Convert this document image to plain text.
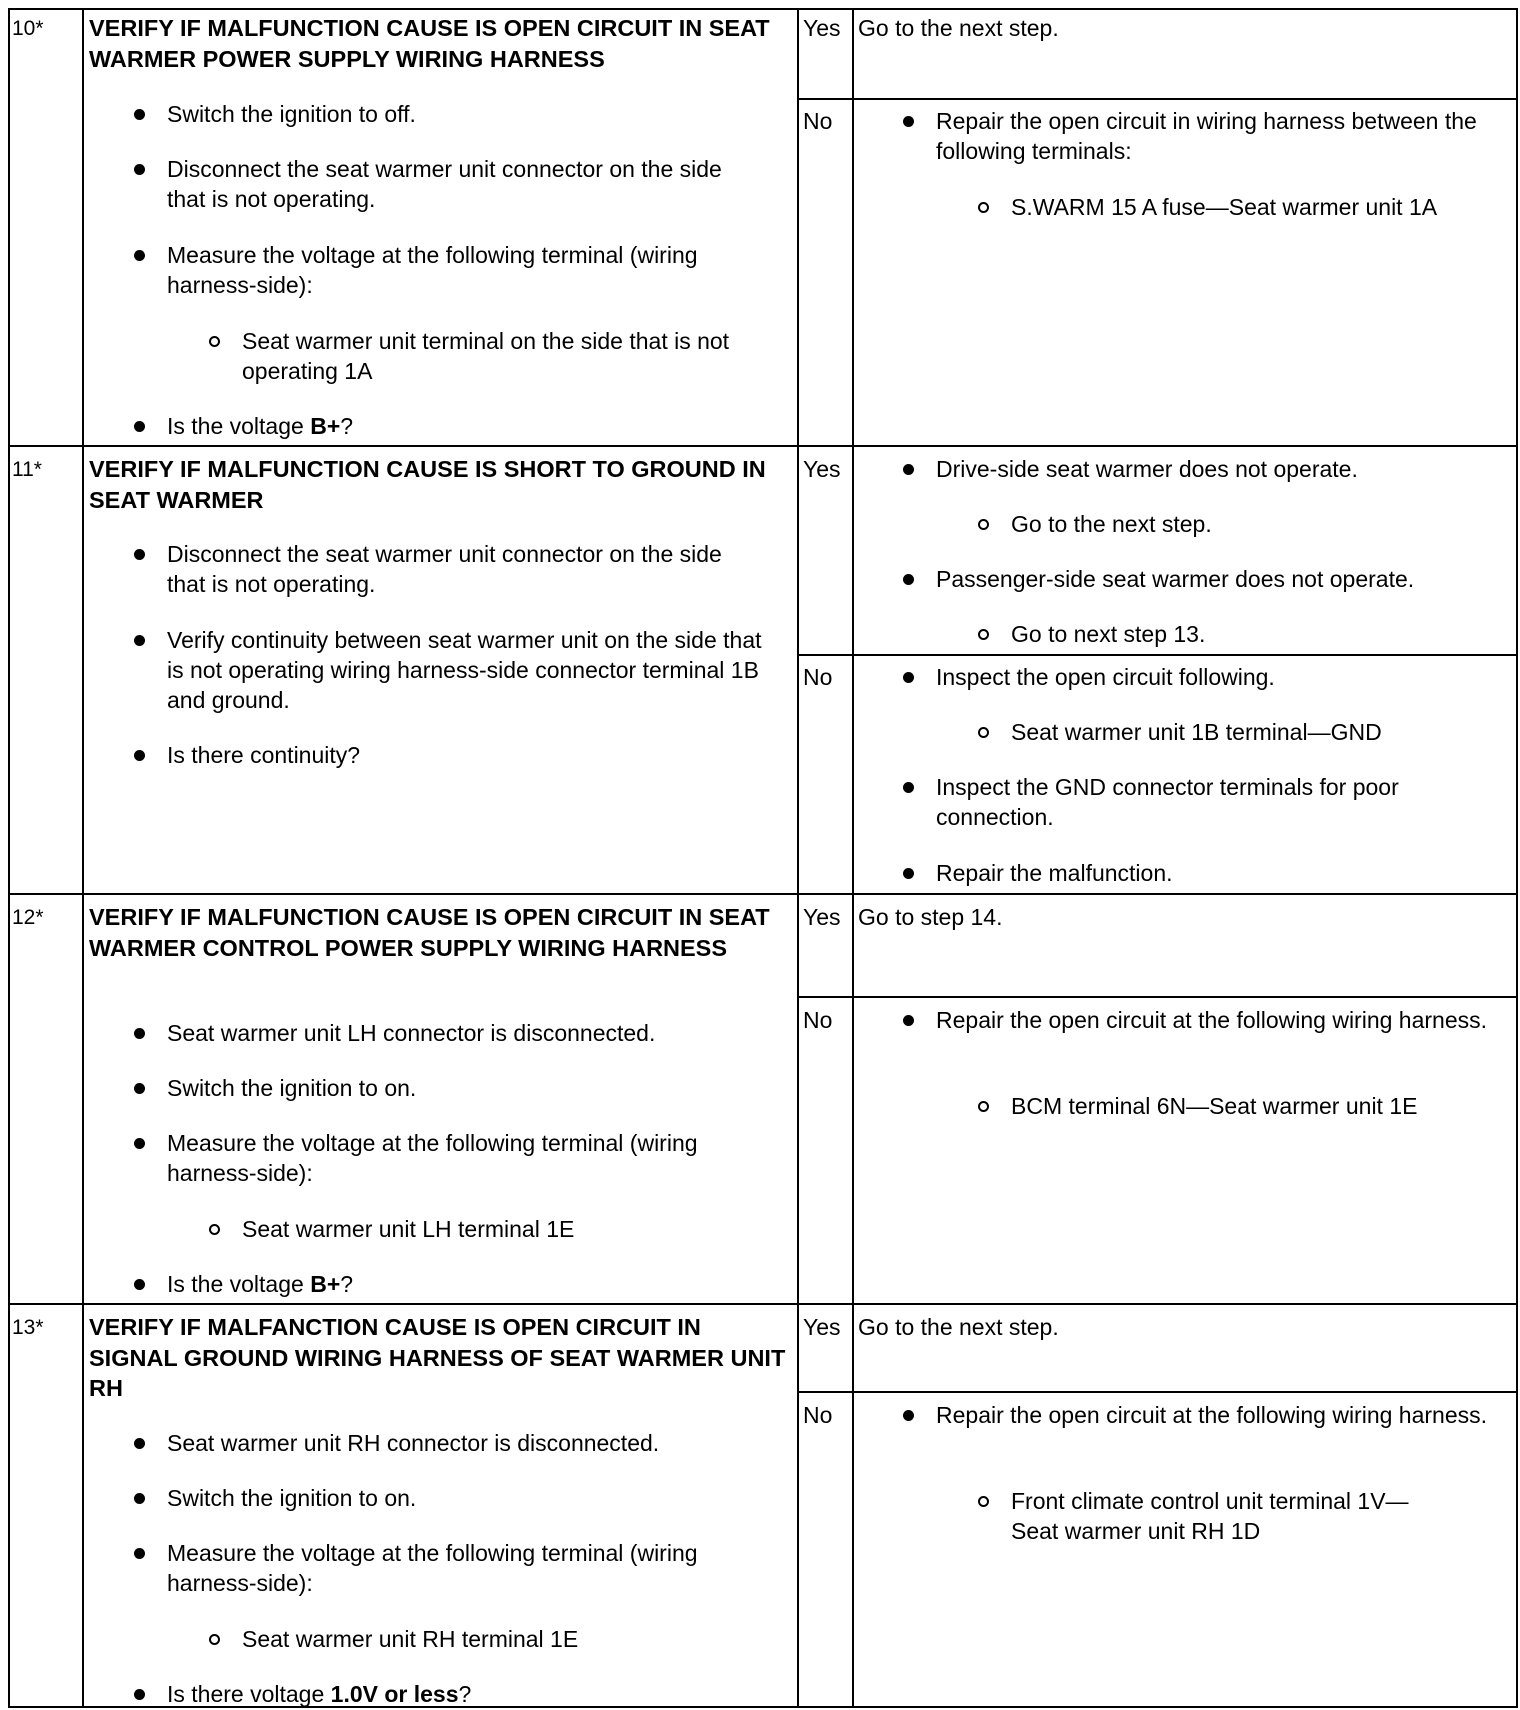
10* VERIFY IF MALFUNCTION CAUSE IS OPEN CIRCUIT IN SEAT WARMER POWER SUPPLY WIRING HARNESS
Switch the ignition to off.
Disconnect the seat warmer unit connector on the side that is not operating.
Measure the voltage at the following terminal (wiring harness-side):
Seat warmer unit terminal on the side that is not operating 1A
Is the voltage B+?
Yes Go to the next step.
No	Repair the open circuit in wiring harness between the following terminals:
S.WARM 15 A fuse—Seat warmer unit 1A
11* VERIFY IF MALFUNCTION CAUSE IS SHORT TO GROUND IN SEAT WARMER
Disconnect the seat warmer unit connector on the side that is not operating.
Verify continuity between seat warmer unit on the side that is not operating wiring harness-side connector terminal 1B and ground.
Is there continuity?
Yes	Drive-side seat warmer does not operate.
Go to the next step.
Passenger-side seat warmer does not operate.
Go to next step 13.
No	Inspect the open circuit following.
Seat warmer unit 1B terminal—GND
Inspect the GND connector terminals for poor connection.
Repair the malfunction.
12* VERIFY IF MALFUNCTION CAUSE IS OPEN CIRCUIT IN SEAT WARMER CONTROL POWER SUPPLY WIRING HARNESS
Seat warmer unit LH connector is disconnected.
Switch the ignition to on.
Measure the voltage at the following terminal (wiring harness-side):
Seat warmer unit LH terminal 1E
Is the voltage B+?
Yes Go to step 14.
No	Repair the open circuit at the following wiring harness.
BCM terminal 6N—Seat warmer unit 1E
13* VERIFY IF MALFANCTION CAUSE IS OPEN CIRCUIT IN SIGNAL GROUND WIRING HARNESS OF SEAT WARMER UNIT RH
Seat warmer unit RH connector is disconnected.
Switch the ignition to on.
Measure the voltage at the following terminal (wiring harness-side):
Seat warmer unit RH terminal 1E
Is there voltage 1.0V or less?
Yes Go to the next step.
No	Repair the open circuit at the following wiring harness.
Front climate control unit terminal 1V—Seat warmer unit RH 1D
